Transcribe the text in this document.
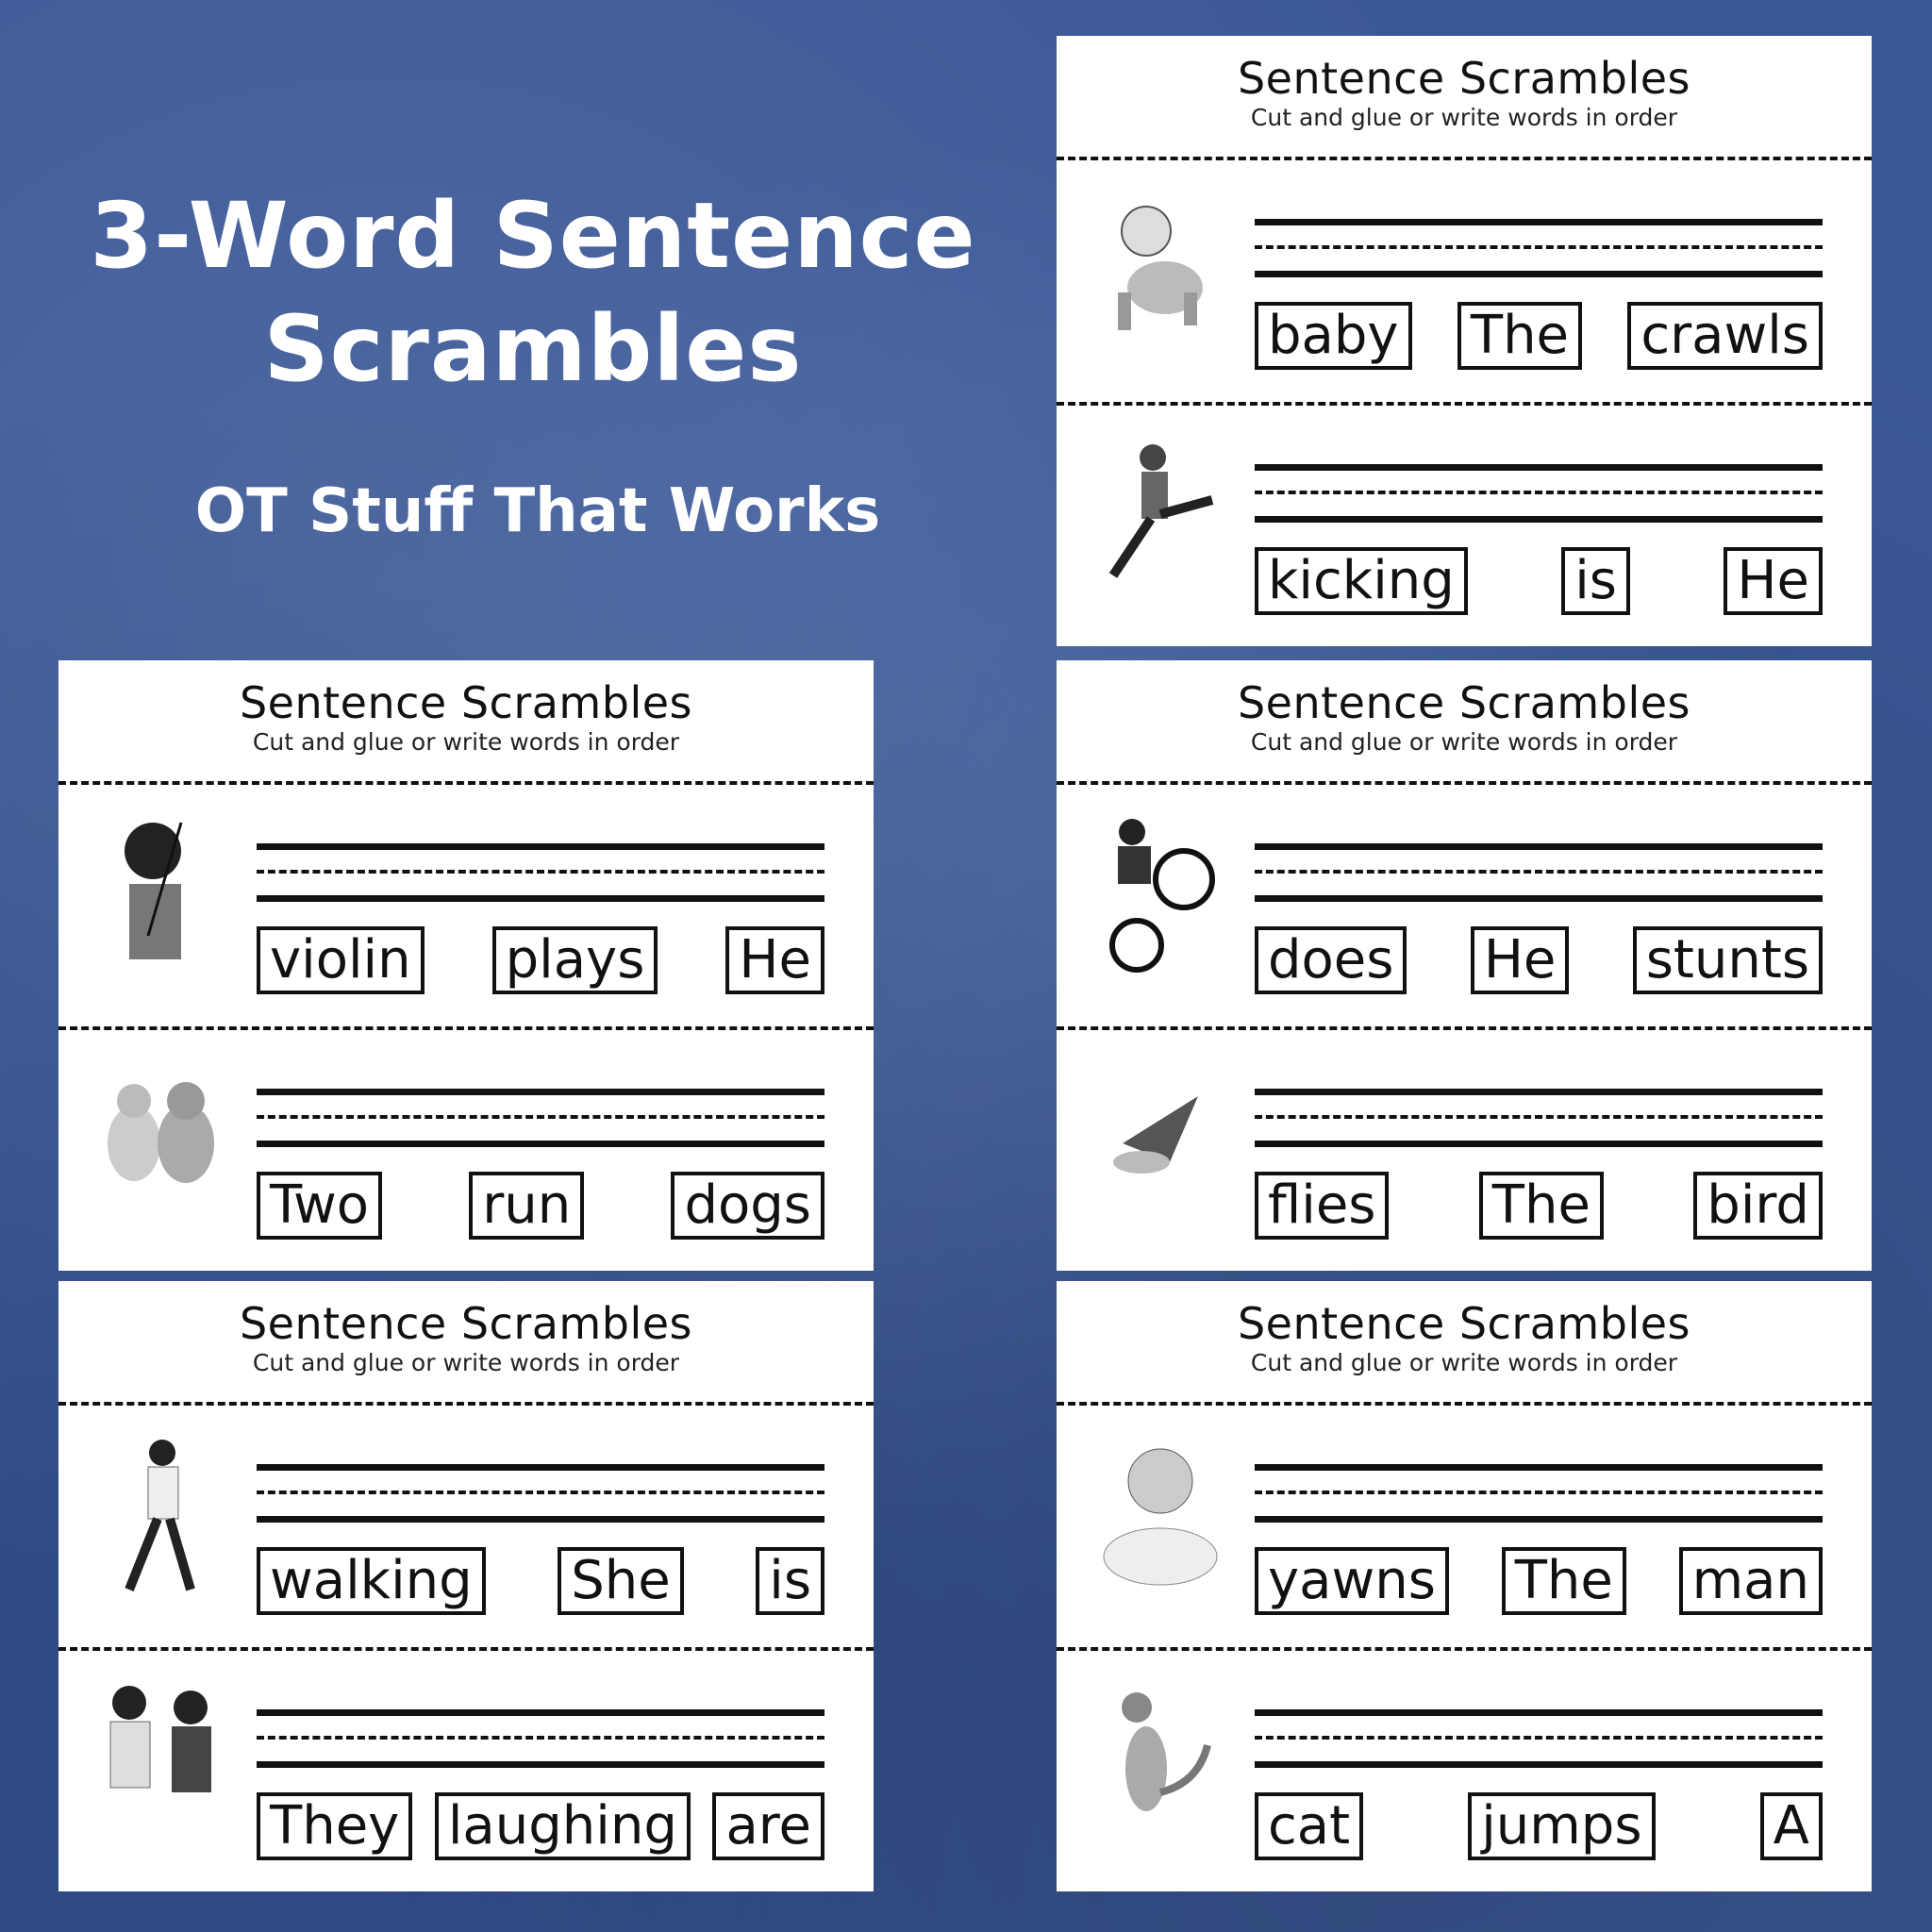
3-Word Sentence
Scrambles
OT Stuff That Works
Sentence Scrambles
Cut and glue or write words in order
baby The crawls
kicking is He
Sentence Scrambles
Cut and glue or write words in order
violin plays He
Two run dogs
Sentence Scrambles
Cut and glue or write words in order
does He stunts
flies The bird
Sentence Scrambles
Cut and glue or write words in order
walking She is
They laughing are
Sentence Scrambles
Cut and glue or write words in order
yawns The man
cat jumps A
